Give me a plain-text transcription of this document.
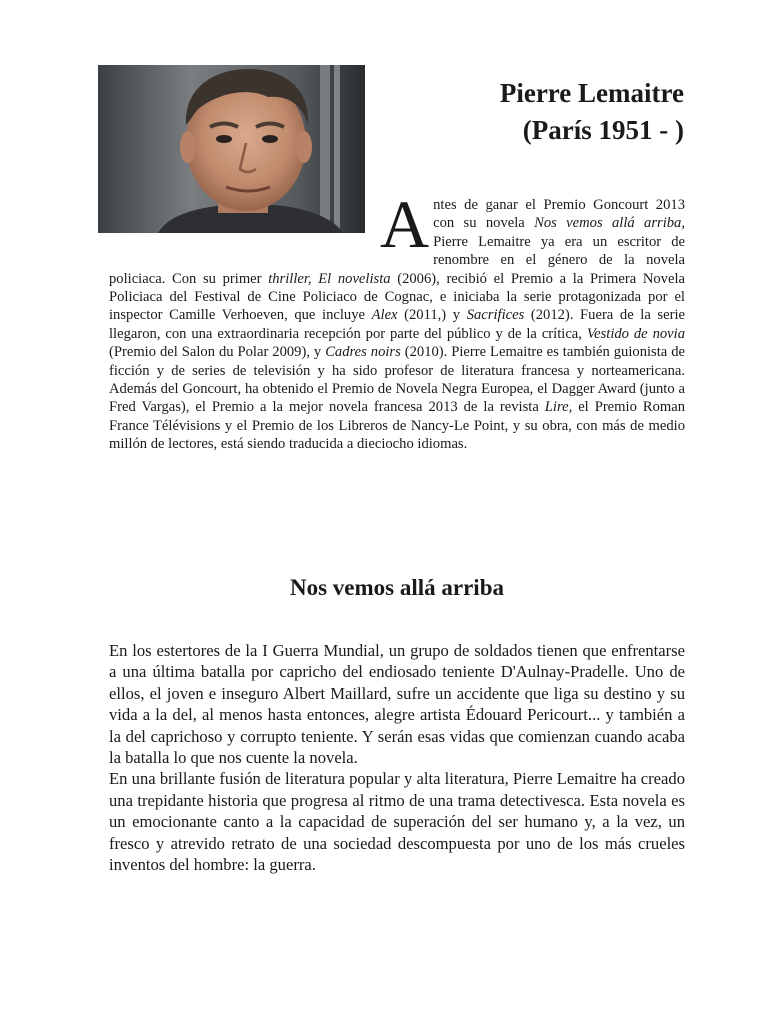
Pierre Lemaitre
(París 1951 - )

Antes de ganar el Premio Goncourt 2013 con su novela Nos vemos allá arriba, Pierre Lemaitre ya era un escritor de renombre en el género de la novela policiaca. Con su primer thriller, El novelista (2006), recibió el Premio a la Primera Novela Policiaca del Festival de Cine Policiaco de Cognac, e iniciaba la serie protagonizada por el inspector Camille Verhoeven, que incluye Alex (2011,) y Sacrifices (2012). Fuera de la serie llegaron, con una extraordinaria recepción por parte del público y de la crítica, Vestido de novia (Premio del Salon du Polar 2009), y Cadres noirs (2010). Pierre Lemaitre es también guionista de ficción y de series de televisión y ha sido profesor de literatura francesa y norteamericana. Además del Goncourt, ha obtenido el Premio de Novela Negra Europea, el Dagger Award (junto a Fred Vargas), el Premio a la mejor novela francesa 2013 de la revista Lire, el Premio Roman France Télévisions y el Premio de los Libreros de Nancy-Le Point, y su obra, con más de medio millón de lectores, está siendo traducida a dieciocho idiomas.

Nos vemos allá arriba

En los estertores de la I Guerra Mundial, un grupo de soldados tienen que enfrentarse a una última batalla por capricho del endiosado teniente D'Aulnay-Pradelle. Uno de ellos, el joven e inseguro Albert Maillard, sufre un accidente que liga su destino y su vida a la del, al menos hasta entonces, alegre artista Édouard Pericourt... y también a la del caprichoso y corrupto teniente. Y serán esas vidas que comienzan cuando acaba la batalla lo que nos cuente la novela.

En una brillante fusión de literatura popular y alta literatura, Pierre Lemaitre ha creado una trepidante historia que progresa al ritmo de una trama detectivesca. Esta novela es un emocionante canto a la capacidad de superación del ser humano y, a la vez, un fresco y atrevido retrato de una sociedad descompuesta por uno de los más crueles inventos del hombre: la guerra.
